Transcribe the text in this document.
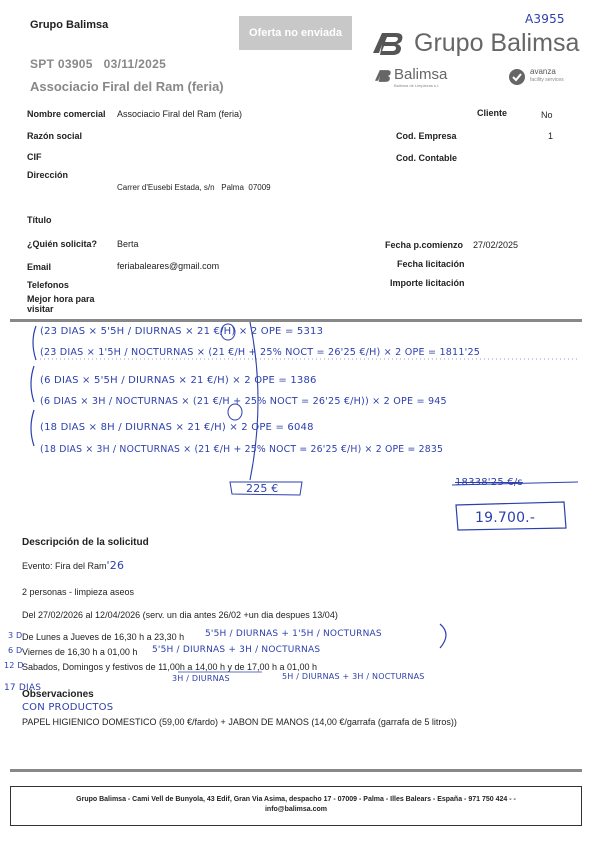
Grupo Balimsa
Oferta no enviada
SPT 03905   03/11/2025
Associacio Firal del Ram (feria)
Grupo Balimsa
A3955
Balimsa
Balimsa de Limpiezas s.l.
avanza
facility services
Nombre comercial Associacio Firal del Ram (feria)	Cliente	No
Razón social	Cod. Empresa	1
CIF	Cod. Contable
Dirección
Carrer d'Eusebi Estada, s/n   Palma  07009
Título
¿Quién solicita? Berta	Fecha p.comienzo 27/02/2025
Email	feriabaleares@gmail.com	Fecha licitación
Telefonos	Importe licitación
Mejor hora para visitar
(23 DIAS × 5'5H / DIURNAS × 21 €/H) × 2 OPE = 5313
(23 DIAS × 1'5H / NOCTURNAS × (21 €/H + 25% NOCT = 26'25 €/H) × 2 OPE = 1811'25
(6 DIAS × 5'5H / DIURNAS × 21 €/H) × 2 OPE = 1386
(6 DIAS × 3H / NOCTURNAS × (21 €/H + 25% NOCT = 26'25 €/H)) × 2 OPE = 945
(18 DIAS × 8H / DIURNAS × 21 €/H) × 2 OPE = 6048
(18 DIAS × 3H / NOCTURNAS × (21 €/H + 25% NOCT = 26'25 €/H) × 2 OPE = 2835
225 €	18338'25 €/s
19.700.-
Descripción de la solicitud
Evento: Fira del Ram'26
2 personas - limpieza aseos
Del 27/02/2026 al 12/04/2026 (serv. un dia antes 26/02 +un dia despues 13/04)
3 D De Lunes a Jueves de 16,30 h a 23,30 h 5'5H / DIURNAS + 1'5H / NOCTURNAS
6 D Viernes de 16,30 h a 01,00 h 5'5H / DIURNAS + 3H / NOCTURNAS
12 D
Sabados, Domingos y festivos de 11,00h a 14,00 h y de 17,00 h a 01,00 h
17 DIAS
3H / DIURNAS	5H / DIURNAS + 3H / NOCTURNAS
Observaciones
CON PRODUCTOS
PAPEL HIGIENICO DOMESTICO (59,00 €/fardo) + JABON DE MANOS (14,00 €/garrafa (garrafa de 5 litros))
Grupo Balimsa - Cami Vell de Bunyola, 43 Edif, Gran Via Asima, despacho 17 - 07009 - Palma - Illes Balears - España - 971 750 424 - -
info@balimsa.com
